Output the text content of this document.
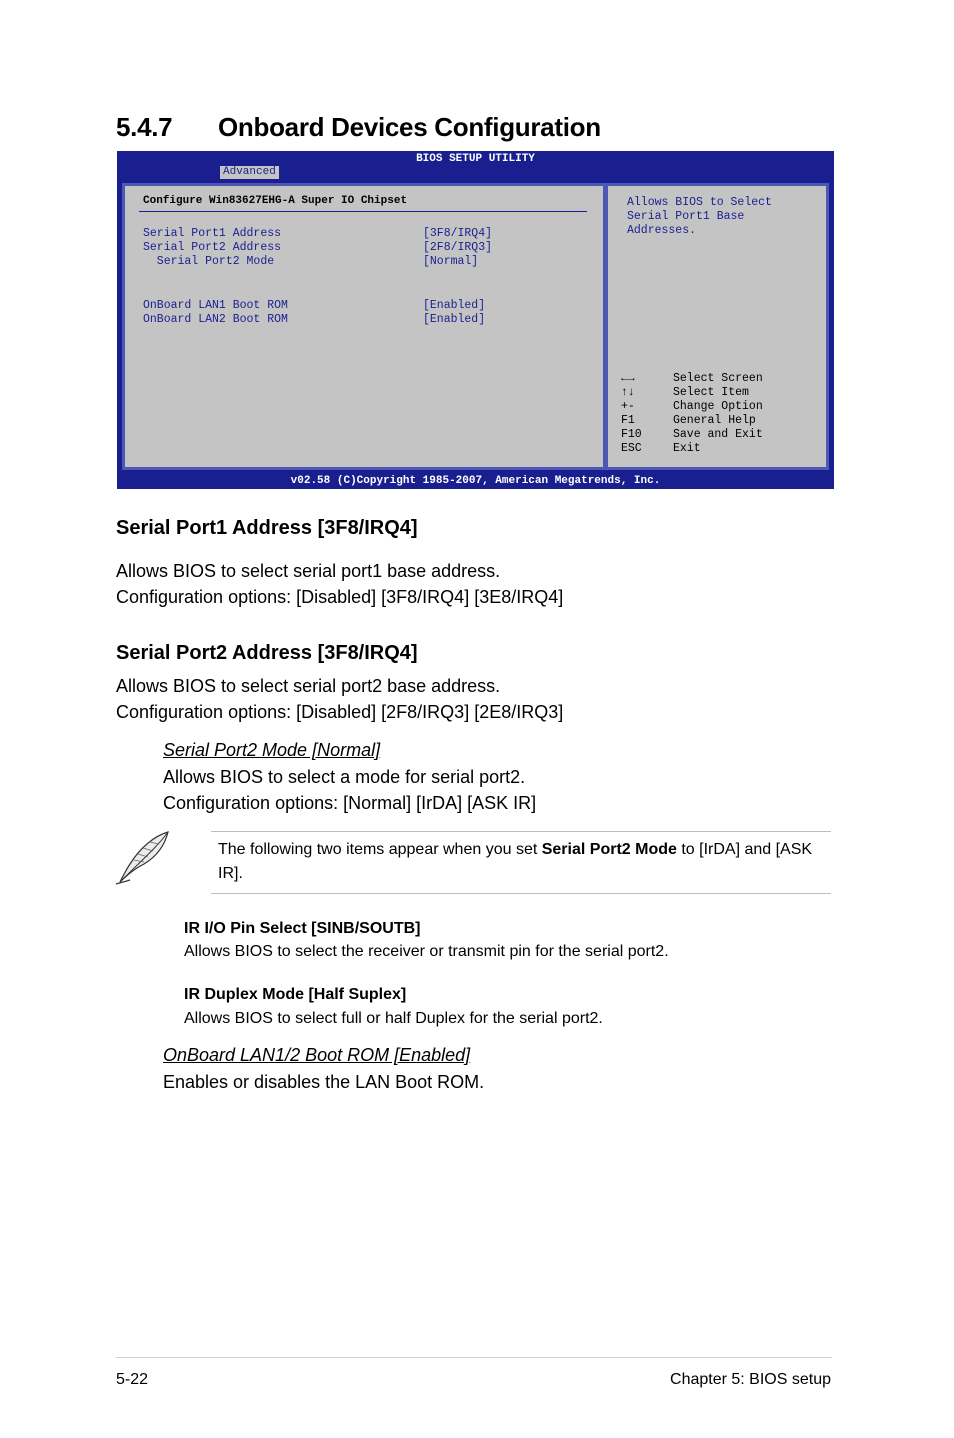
5.4.7 Onboard Devices Configuration
BIOS SETUP UTILITY
Advanced
Configure Win83627EHG-A Super IO Chipset
Serial Port1 Address	[3F8/IRQ4]
Serial Port2 Address	[2F8/IRQ3]
Serial Port2 Mode	[Normal]
OnBoard LAN1 Boot ROM	[Enabled]
OnBoard LAN2 Boot ROM	[Enabled]
Allows BIOS to Select
Serial Port1 Base
Addresses.
←→	Select Screen
↑↓	Select Item
+-	Change Option
F1	General Help
F10	Save and Exit
ESC	Exit
v02.58 (C)Copyright 1985-2007, American Megatrends, Inc.
Serial Port1 Address [3F8/IRQ4]
Allows BIOS to select serial port1 base address.
Configuration options: [Disabled] [3F8/IRQ4] [3E8/IRQ4]
Serial Port2 Address [3F8/IRQ4]
Allows BIOS to select serial port2 base address.
Configuration options: [Disabled] [2F8/IRQ3] [2E8/IRQ3]
Serial Port2 Mode [Normal]
Allows BIOS to select a mode for serial port2.
Configuration options: [Normal] [IrDA] [ASK IR]
The following two items appear when you set Serial Port2 Mode to [IrDA] and [ASK IR].
IR I/O Pin Select [SINB/SOUTB]
Allows BIOS to select the receiver or transmit pin for the serial port2.
IR Duplex Mode [Half Suplex]
Allows BIOS to select full or half Duplex for the serial port2.
OnBoard LAN1/2 Boot ROM [Enabled]
Enables or disables the LAN Boot ROM.
5-22	Chapter 5: BIOS setup
